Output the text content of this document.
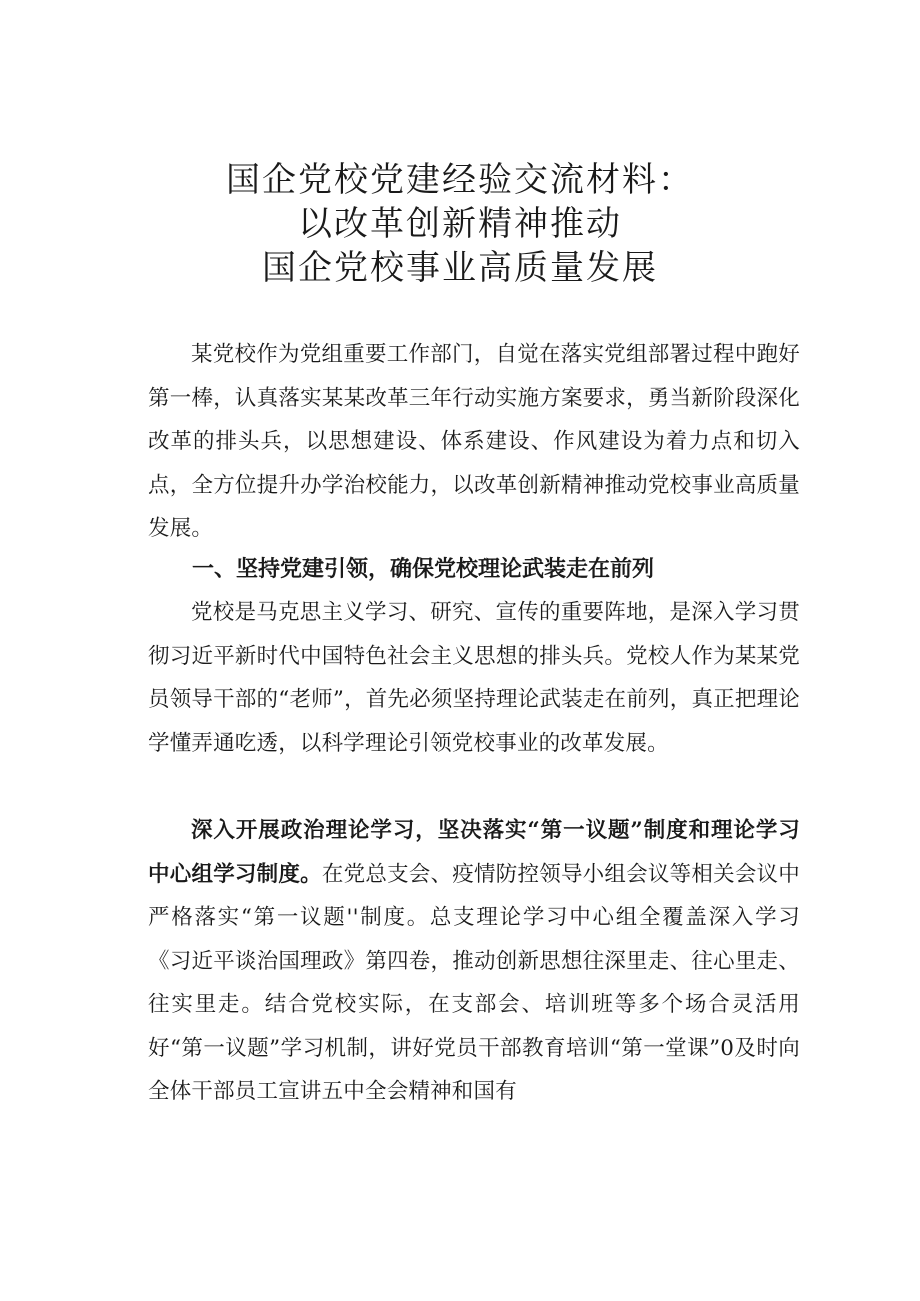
国企党校党建经验交流材料：
以改革创新精神推动
国企党校事业高质量发展

某党校作为党组重要工作部门，自觉在落实党组部署过程中跑好第一棒，认真落实某某改革三年行动实施方案要求，勇当新阶段深化改革的排头兵，以思想建设、体系建设、作风建设为着力点和切入点，全方位提升办学治校能力，以改革创新精神推动党校事业高质量发展。

一、坚持党建引领，确保党校理论武装走在前列

党校是马克思主义学习、研究、宣传的重要阵地，是深入学习贯彻习近平新时代中国特色社会主义思想的排头兵。党校人作为某某党员领导干部的“老师”，首先必须坚持理论武装走在前列，真正把理论学懂弄通吃透，以科学理论引领党校事业的改革发展。

深入开展政治理论学习，坚决落实“第一议题”制度和理论学习中心组学习制度。在党总支会、疫情防控领导小组会议等相关会议中严格落实“第一议题''制度。总支理论学习中心组全覆盖深入学习《习近平谈治国理政》第四卷，推动创新思想往深里走、往心里走、往实里走。结合党校实际，在支部会、培训班等多个场合灵活用好“第一议题”学习机制，讲好党员干部教育培训“第一堂课”0及时向全体干部员工宣讲五中全会精神和国有
